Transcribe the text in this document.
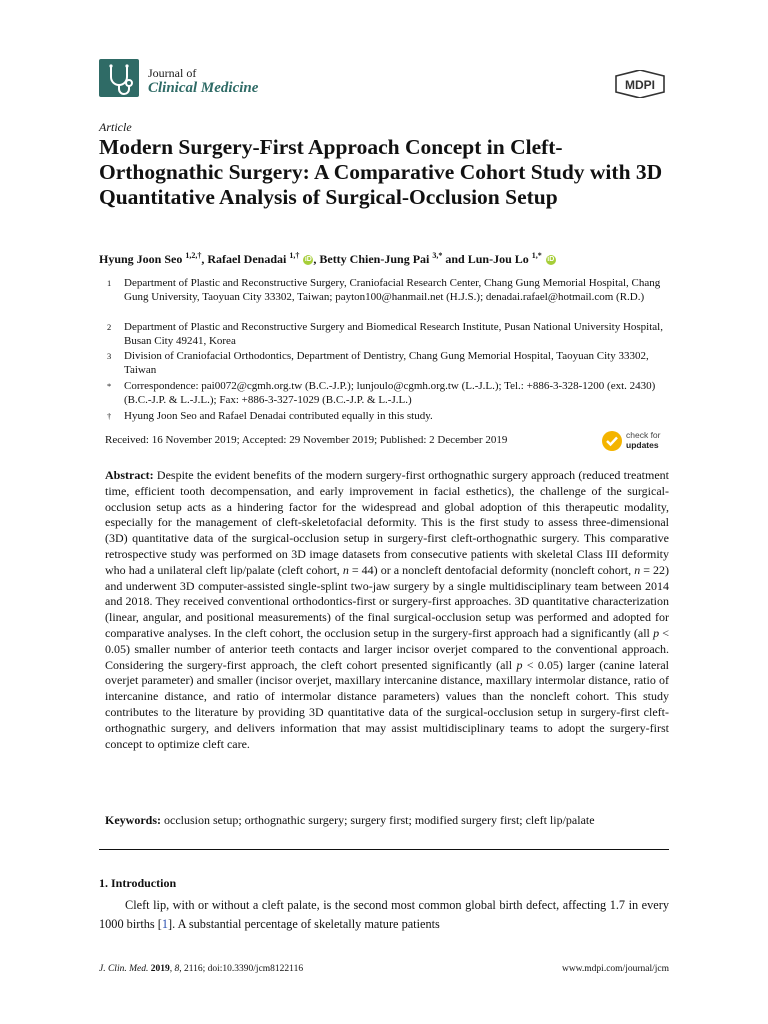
Journal of
Clinical Medicine	MDPI
Article
Modern Surgery-First Approach Concept in Cleft-Orthognathic Surgery: A Comparative Cohort Study with 3D Quantitative Analysis of Surgical-Occlusion Setup
Hyung Joon Seo $^{1,2,\dagger}$, Rafael Denadai $^{1,\dagger}$ iD , Betty Chien-Jung Pai $^{3,*}$ and Lun-Jou Lo $^{1,*}$ iD
1 Department of Plastic and Reconstructive Surgery, Craniofacial Research Center, Chang Gung Memorial Hospital, Chang Gung University, Taoyuan City 33302, Taiwan; payton100@hanmail.net (H.J.S.); denadai.rafael@hotmail.com (R.D.)
2 Department of Plastic and Reconstructive Surgery and Biomedical Research Institute, Pusan National University Hospital, Busan City 49241, Korea
3 Division of Craniofacial Orthodontics, Department of Dentistry, Chang Gung Memorial Hospital, Taoyuan City 33302, Taiwan
* Correspondence: pai0072@cgmh.org.tw (B.C.-J.P.); lunjoulo@cgmh.org.tw (L.-J.L.); Tel.: +886-3-328-1200 (ext. 2430) (B.C.-J.P. & L.-J.L.); Fax: +886-3-327-1029 (B.C.-J.P. & L.-J.L.)
† Hyung Joon Seo and Rafael Denadai contributed equally in this study.
Received: 16 November 2019; Accepted: 29 November 2019; Published: 2 December 2019	check for
updates

Abstract: Despite the evident benefits of the modern surgery-first orthognathic surgery approach (reduced treatment time, efficient tooth decompensation, and early improvement in facial esthetics), the challenge of the surgical-occlusion setup acts as a hindering factor for the widespread and global adoption of this therapeutic modality, especially for the management of cleft-skeletofacial deformity. This is the first study to assess three-dimensional (3D) quantitative data of the surgical-occlusion setup in surgery-first cleft-orthognathic surgery. This comparative retrospective study was performed on 3D image datasets from consecutive patients with skeletal Class III deformity who had a unilateral cleft lip/palate (cleft cohort, n = 44) or a noncleft dentofacial deformity (noncleft cohort, n = 22) and underwent 3D computer-assisted single-splint two-jaw surgery by a single multidisciplinary team between 2014 and 2018. They received conventional orthodontics-first or surgery-first approaches. 3D quantitative characterization (linear, angular, and positional measurements) of the final surgical-occlusion setup was performed and adopted for comparative analyses. In the cleft cohort, the occlusion setup in the surgery-first approach had a significantly (all p < 0.05) smaller number of anterior teeth contacts and larger incisor overjet compared to the conventional approach. Considering the surgery-first approach, the cleft cohort presented significantly (all p < 0.05) larger (canine lateral overjet parameter) and smaller (incisor overjet, maxillary intercanine distance, maxillary intermolar distance, ratio of intercanine distance, and ratio of intermolar distance parameters) values than the noncleft cohort. This study contributes to the literature by providing 3D quantitative data of the surgical-occlusion setup in surgery-first cleft-orthognathic surgery, and delivers information that may assist multidisciplinary teams to adopt the surgery-first concept to optimize cleft care.

Keywords: occlusion setup; orthognathic surgery; surgery first; modified surgery first; cleft lip/palate
1. Introduction

Cleft lip, with or without a cleft palate, is the second most common global birth defect, affecting 1.7 in every 1000 births [1]. A substantial percentage of skeletally mature patients

J. Clin. Med. 2019, 8, 2116; doi:10.3390/jcm8122116	www.mdpi.com/journal/jcm
